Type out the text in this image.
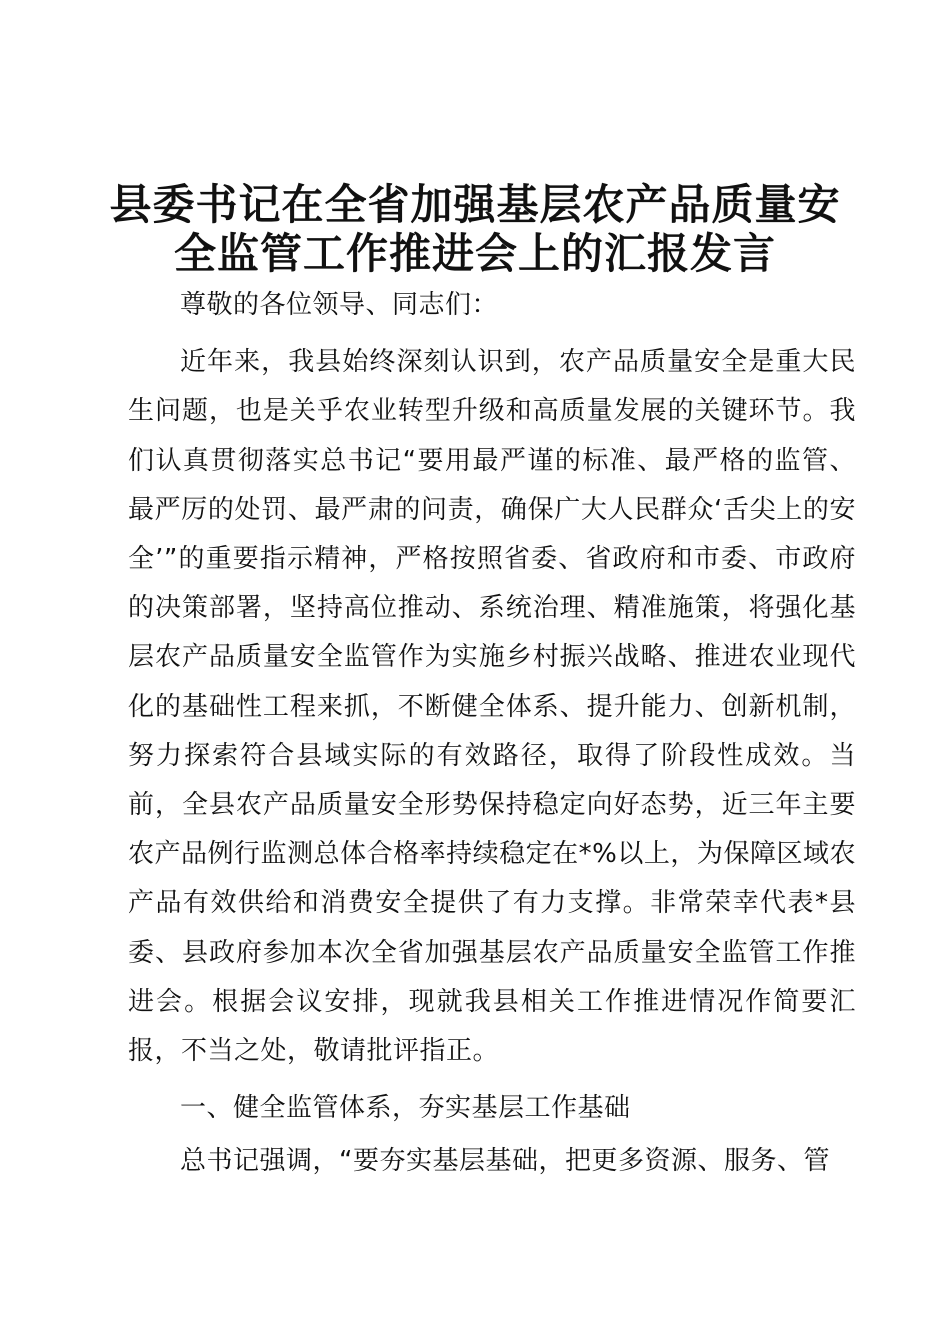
县委书记在全省加强基层农产品质量安
全监管工作推进会上的汇报发言

尊敬的各位领导、同志们：

近年来，我县始终深刻认识到，农产品质量安全是重大民生问题，也是关乎农业转型升级和高质量发展的关键环节。我们认真贯彻落实总书记“要用最严谨的标准、最严格的监管、最严厉的处罚、最严肃的问责，确保广大人民群众‘舌尖上的安全’”的重要指示精神，严格按照省委、省政府和市委、市政府的决策部署，坚持高位推动、系统治理、精准施策，将强化基层农产品质量安全监管作为实施乡村振兴战略、推进农业现代化的基础性工程来抓，不断健全体系、提升能力、创新机制，努力探索符合县域实际的有效路径，取得了阶段性成效。当前，全县农产品质量安全形势保持稳定向好态势，近三年主要农产品例行监测总体合格率持续稳定在*%以上，为保障区域农产品有效供给和消费安全提供了有力支撑。非常荣幸代表*县委、县政府参加本次全省加强基层农产品质量安全监管工作推进会。根据会议安排，现就我县相关工作推进情况作简要汇报，不当之处，敬请批评指正。

一、健全监管体系，夯实基层工作基础

总书记强调，“要夯实基层基础，把更多资源、服务、管
